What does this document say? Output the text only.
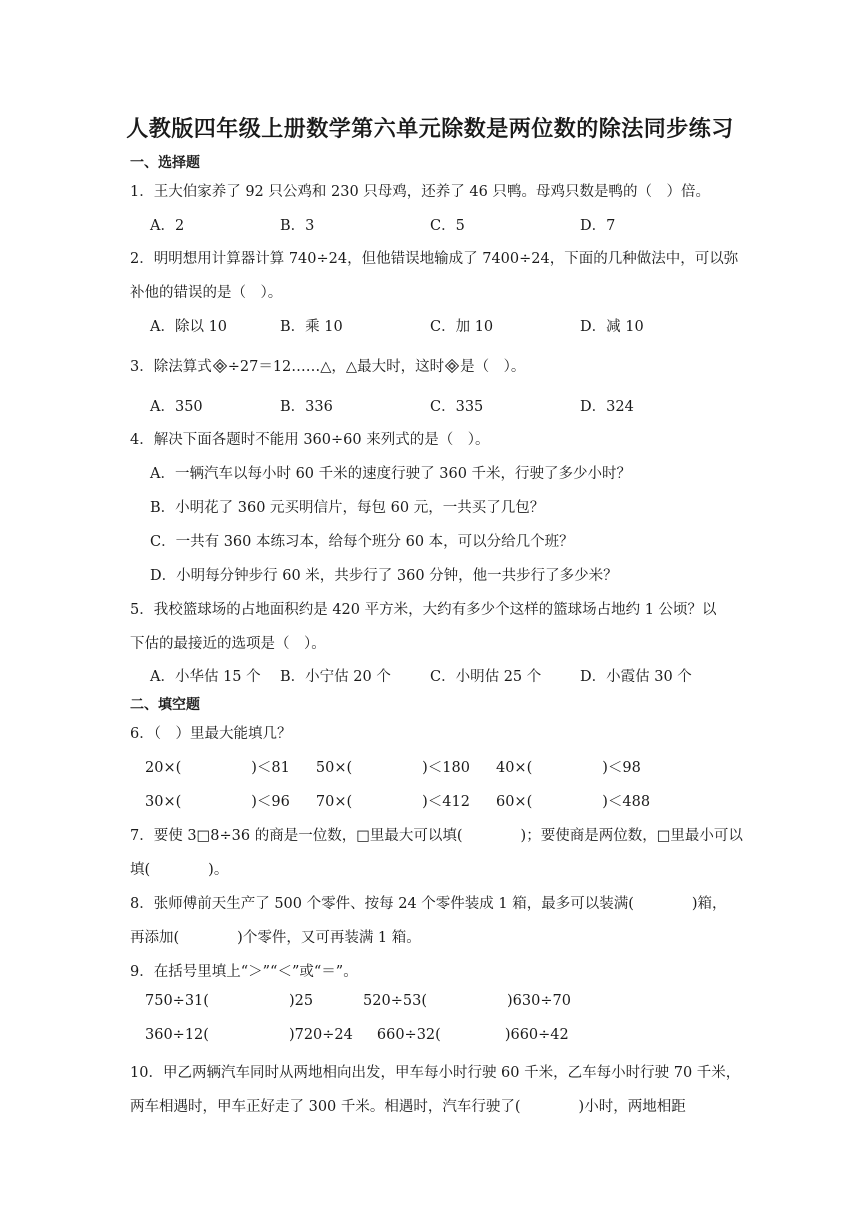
人教版四年级上册数学第六单元除数是两位数的除法同步练习
一、选择题
1．王大伯家养了 92 只公鸡和 230 只母鸡，还养了 46 只鸭。母鸡只数是鸭的（　）倍。
A．2	B．3	C．5	D．7
2．明明想用计算器计算 740÷24，但他错误地输成了 7400÷24，下面的几种做法中，可以弥
补他的错误的是（　）。
A．除以 10	B．乘 10	C．加 10	D．减 10
3．除法算式 ÷27＝12……△，△最大时，这时 是（　）。
A．350	B．336	C．335	D．324
4．解决下面各题时不能用 360÷60 来列式的是（　）。
A．一辆汽车以每小时 60 千米的速度行驶了 360 千米，行驶了多少小时？
B．小明花了 360 元买明信片，每包 60 元，一共买了几包？
C．一共有 360 本练习本，给每个班分 60 本，可以分给几个班？
D．小明每分钟步行 60 米，共步行了 360 分钟，他一共步行了多少米？
5．我校篮球场的占地面积约是 420 平方米，大约有多少个这样的篮球场占地约 1 公顷？以
下估的最接近的选项是（　）。
A．小华估 15 个 B．小宁估 20 个	C．小明估 25 个	D．小霞估 30 个
二、填空题
6．（　）里最大能填几？
20×(	)＜81 50×(	)＜180 40×(	)＜98
30×(	)＜96 70×(	)＜412 60×(	)＜488
7．要使 3□8÷36 的商是一位数，□里最大可以填(　　　　)；要使商是两位数，□里最小可以
填(　　　　)。
8．张师傅前天生产了 500 个零件、按每 24 个零件装成 1 箱，最多可以装满(　　　　)箱，
再添加(　　　　)个零件，又可再装满 1 箱。
9．在括号里填上“＞”“＜”或“＝”。
750÷31(	)25	520÷53(	)630÷70
360÷12(	)720÷24 660÷32(	)660÷42
10．甲乙两辆汽车同时从两地相向出发，甲车每小时行驶 60 千米，乙车每小时行驶 70 千米，
两车相遇时，甲车正好走了 300 千米。相遇时，汽车行驶了(　　　　)小时，两地相距
